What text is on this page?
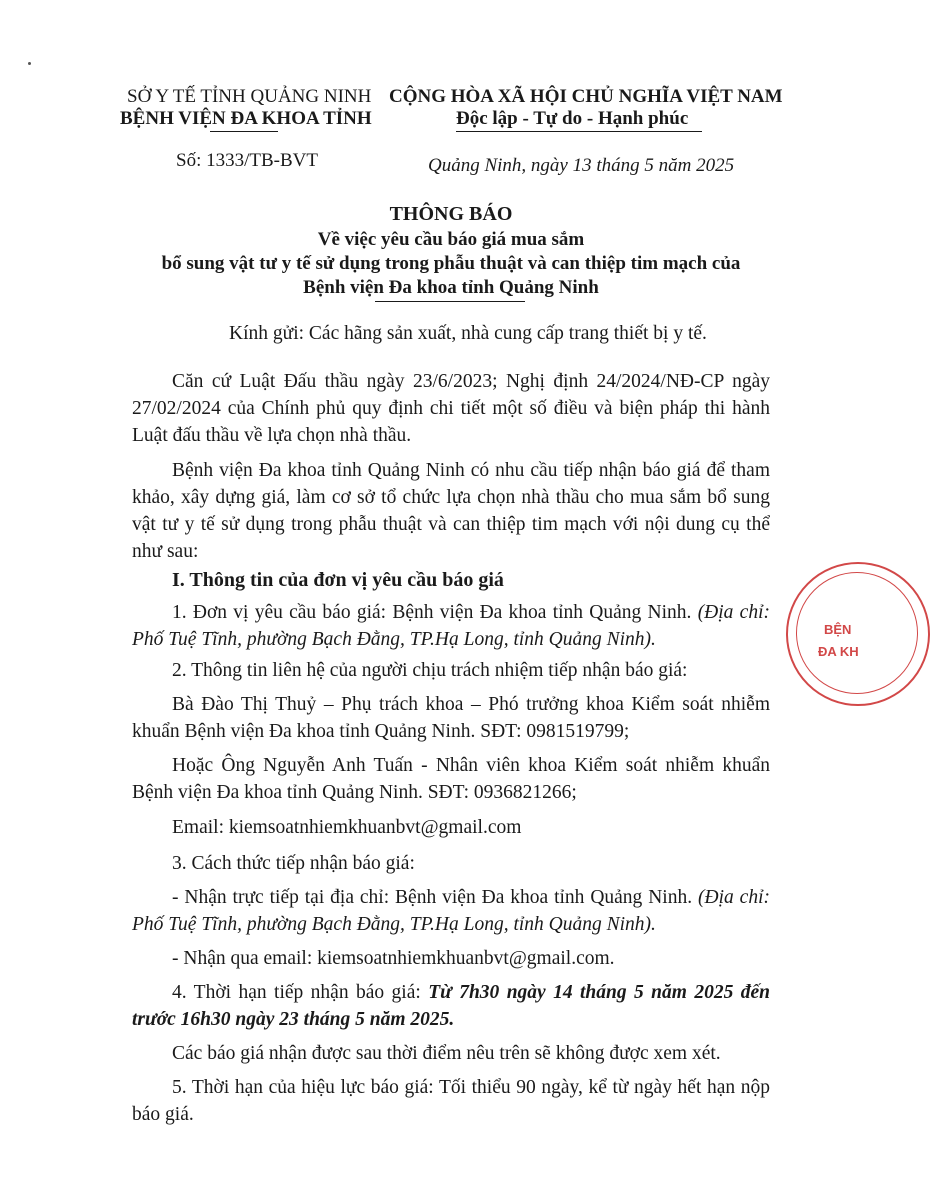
SỞ Y TẾ TỈNH QUẢNG NINH
BỆNH VIỆN ĐA KHOA TỈNH
CỘNG HÒA XÃ HỘI CHỦ NGHĨA VIỆT NAM
Độc lập - Tự do - Hạnh phúc
Số: 1333/TB-BVT	Quảng Ninh, ngày 13 tháng 5 năm 2025
THÔNG BÁO
Về việc yêu cầu báo giá mua sắm
bổ sung vật tư y tế sử dụng trong phẫu thuật và can thiệp tim mạch của
Bệnh viện Đa khoa tỉnh Quảng Ninh
Kính gửi: Các hãng sản xuất, nhà cung cấp trang thiết bị y tế.
Căn cứ Luật Đấu thầu ngày 23/6/2023; Nghị định 24/2024/NĐ-CP ngày 27/02/2024 của Chính phủ quy định chi tiết một số điều và biện pháp thi hành Luật đấu thầu về lựa chọn nhà thầu.
Bệnh viện Đa khoa tỉnh Quảng Ninh có nhu cầu tiếp nhận báo giá để tham khảo, xây dựng giá, làm cơ sở tổ chức lựa chọn nhà thầu cho mua sắm bổ sung vật tư y tế sử dụng trong phẫu thuật và can thiệp tim mạch với nội dung cụ thể như sau:
I. Thông tin của đơn vị yêu cầu báo giá
1. Đơn vị yêu cầu báo giá: Bệnh viện Đa khoa tỉnh Quảng Ninh. (Địa chỉ: Phố Tuệ Tĩnh, phường Bạch Đằng, TP.Hạ Long, tỉnh Quảng Ninh).
2. Thông tin liên hệ của người chịu trách nhiệm tiếp nhận báo giá:
Bà Đào Thị Thuỷ – Phụ trách khoa – Phó trưởng khoa Kiểm soát nhiễm khuẩn Bệnh viện Đa khoa tỉnh Quảng Ninh. SĐT: 0981519799;
Hoặc Ông Nguyễn Anh Tuấn - Nhân viên khoa Kiểm soát nhiễm khuẩn Bệnh viện Đa khoa tỉnh Quảng Ninh. SĐT: 0936821266;
Email: kiemsoatnhiemkhuanbvt@gmail.com
3. Cách thức tiếp nhận báo giá:
- Nhận trực tiếp tại địa chỉ: Bệnh viện Đa khoa tỉnh Quảng Ninh. (Địa chỉ: Phố Tuệ Tĩnh, phường Bạch Đằng, TP.Hạ Long, tỉnh Quảng Ninh).
- Nhận qua email: kiemsoatnhiemkhuanbvt@gmail.com.
4. Thời hạn tiếp nhận báo giá: Từ 7h30 ngày 14 tháng 5 năm 2025 đến trước 16h30 ngày 23 tháng 5 năm 2025.
Các báo giá nhận được sau thời điểm nêu trên sẽ không được xem xét.
5. Thời hạn của hiệu lực báo giá: Tối thiểu 90 ngày, kể từ ngày hết hạn nộp báo giá.
BỆN
ĐA KH
